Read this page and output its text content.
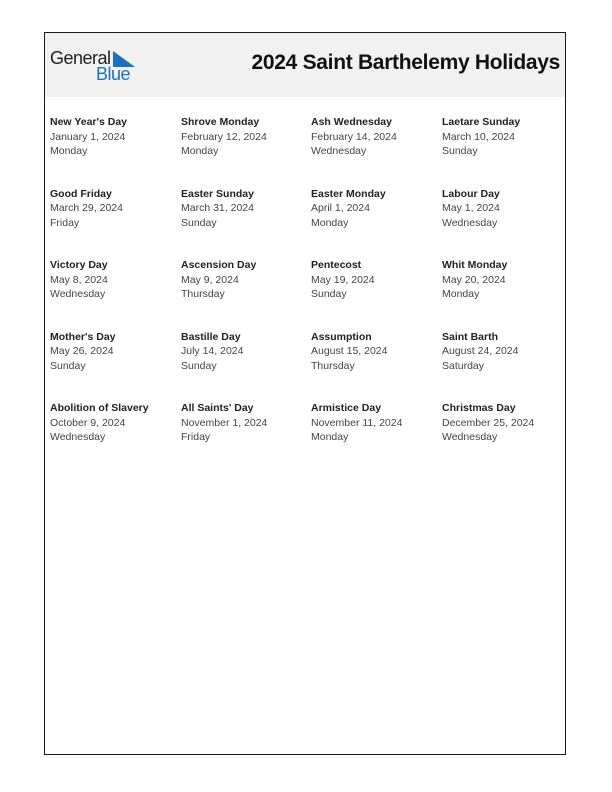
General
Blue	2024 Saint Barthelemy Holidays
New Year's Day
January 1, 2024
Monday
Shrove Monday
February 12, 2024
Monday
Ash Wednesday
February 14, 2024
Wednesday
Laetare Sunday
March 10, 2024
Sunday
Good Friday
March 29, 2024
Friday
Easter Sunday
March 31, 2024
Sunday
Easter Monday
April 1, 2024
Monday
Labour Day
May 1, 2024
Wednesday
Victory Day
May 8, 2024
Wednesday
Ascension Day
May 9, 2024
Thursday
Pentecost
May 19, 2024
Sunday
Whit Monday
May 20, 2024
Monday
Mother's Day
May 26, 2024
Sunday
Bastille Day
July 14, 2024
Sunday
Assumption
August 15, 2024
Thursday
Saint Barth
August 24, 2024
Saturday
Abolition of Slavery
October 9, 2024
Wednesday
All Saints' Day
November 1, 2024
Friday
Armistice Day
November 11, 2024
Monday
Christmas Day
December 25, 2024
Wednesday
